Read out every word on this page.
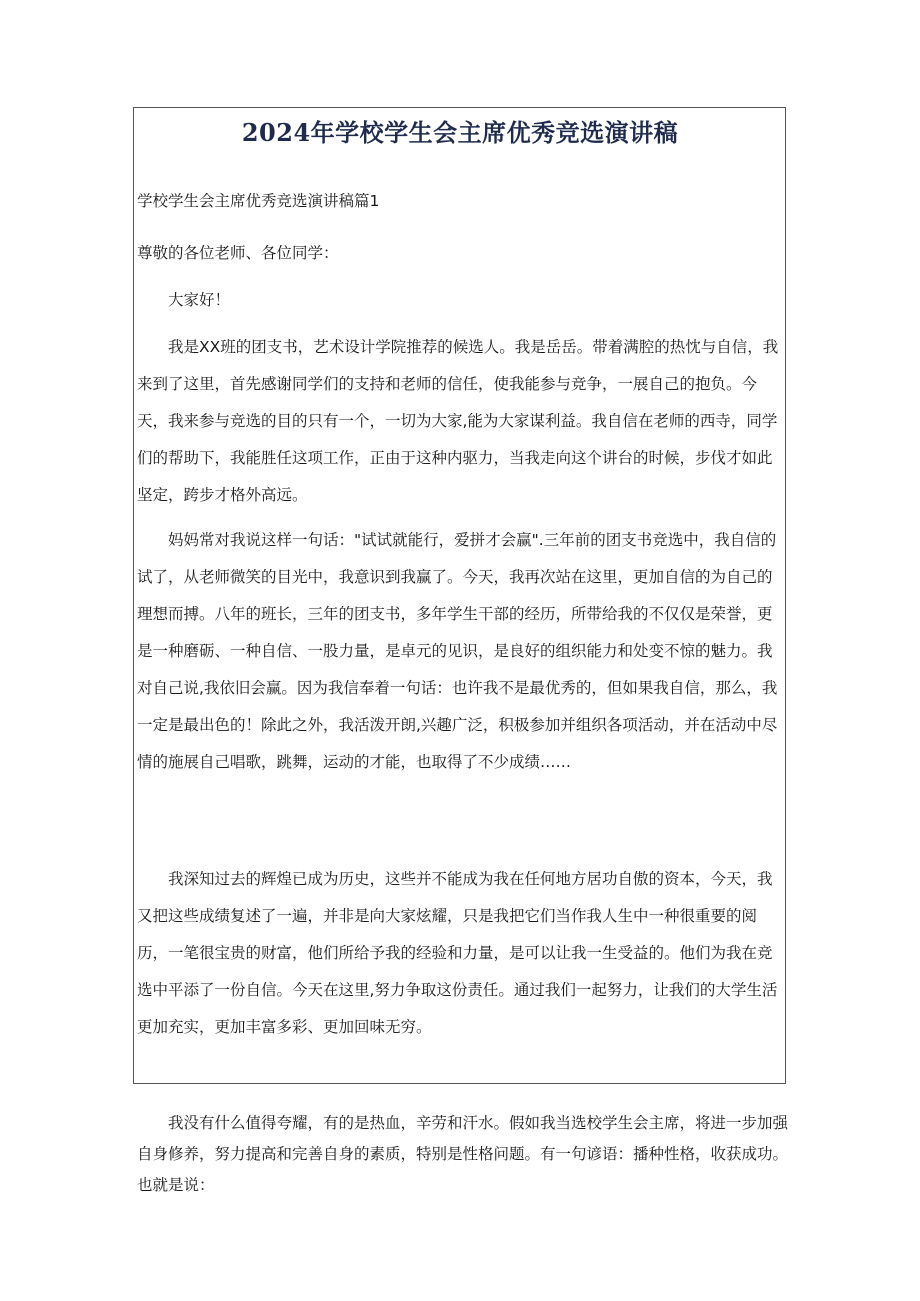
2024年学校学生会主席优秀竞选演讲稿
学校学生会主席优秀竞选演讲稿篇1
尊敬的各位老师、各位同学：
大家好！

我是XX班的团支书，艺术设计学院推荐的候选人。我是岳岳。带着满腔的热忱与自信，我来到了这里，首先感谢同学们的支持和老师的信任，使我能参与竞争，一展自己的抱负。今天，我来参与竞选的目的只有一个，一切为大家,能为大家谋利益。我自信在老师的西寺，同学们的帮助下，我能胜任这项工作，正由于这种内驱力，当我走向这个讲台的时候，步伐才如此坚定，跨步才格外高远。

妈妈常对我说这样一句话："试试就能行，爱拼才会赢".三年前的团支书竞选中，我自信的试了，从老师微笑的目光中，我意识到我赢了。今天，我再次站在这里，更加自信的为自己的理想而搏。八年的班长，三年的团支书，多年学生干部的经历，所带给我的不仅仅是荣誉，更是一种磨砺、一种自信、一股力量，是卓元的见识，是良好的组织能力和处变不惊的魅力。我对自己说,我依旧会赢。因为我信奉着一句话：也许我不是最优秀的，但如果我自信，那么，我一定是最出色的！除此之外，我活泼开朗,兴趣广泛，积极参加并组织各项活动，并在活动中尽情的施展自己唱歌，跳舞，运动的才能，也取得了不少成绩……

我深知过去的辉煌已成为历史，这些并不能成为我在任何地方居功自傲的资本，今天，我又把这些成绩复述了一遍，并非是向大家炫耀，只是我把它们当作我人生中一种很重要的阅历，一笔很宝贵的财富，他们所给予我的经验和力量，是可以让我一生受益的。他们为我在竞选中平添了一份自信。今天在这里,努力争取这份责任。通过我们一起努力，让我们的大学生活更加充实，更加丰富多彩、更加回味无穷。

我没有什么值得夸耀，有的是热血，辛劳和汗水。假如我当选校学生会主席，将进一步加强自身修养，努力提高和完善自身的素质，特别是性格问题。有一句谚语：播种性格，收获成功。也就是说：
